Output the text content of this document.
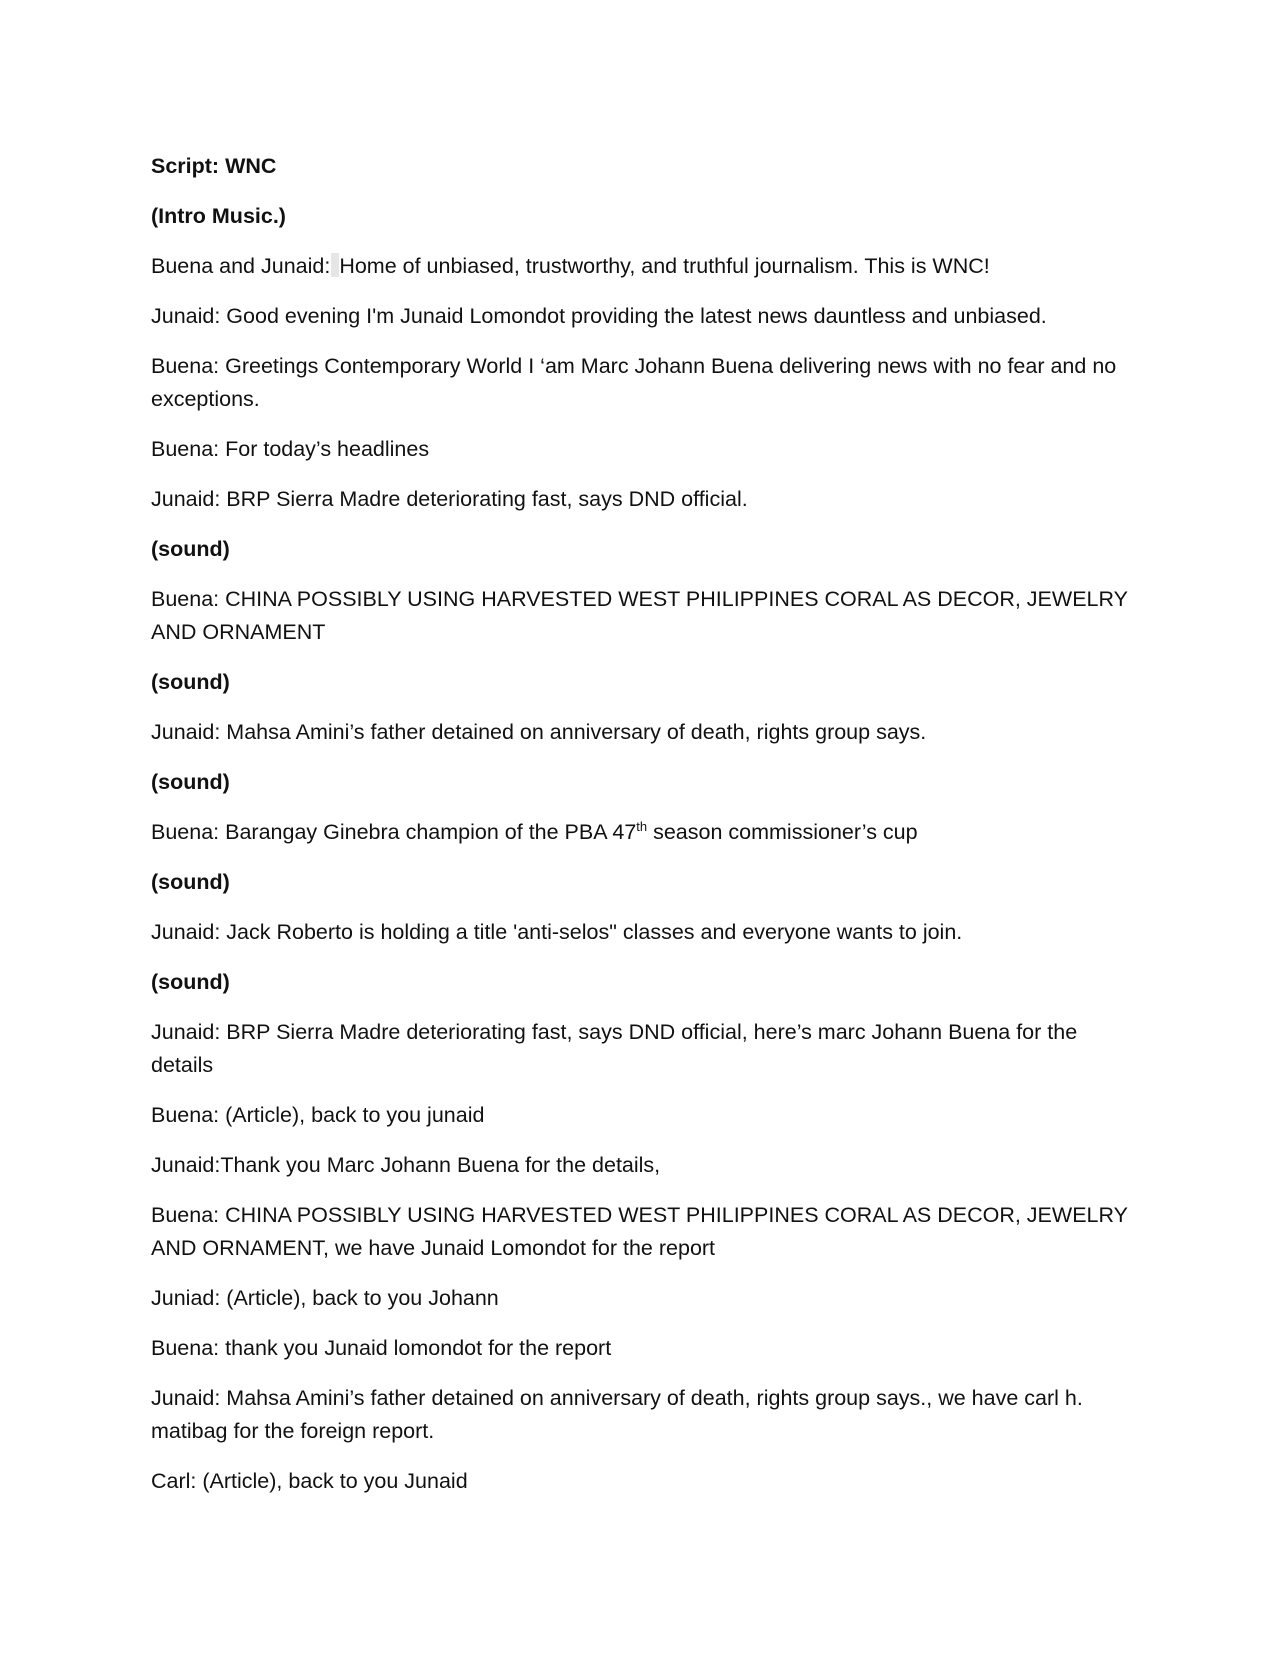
Script: WNC

(Intro Music.)

Buena and Junaid: Home of unbiased, trustworthy, and truthful journalism. This is WNC!

Junaid: Good evening I'm Junaid Lomondot providing the latest news dauntless and unbiased.

Buena: Greetings Contemporary World I ‘am Marc Johann Buena delivering news with no fear and no exceptions.

Buena: For today’s headlines

Junaid: BRP Sierra Madre deteriorating fast, says DND official.

(sound)

Buena: CHINA POSSIBLY USING HARVESTED WEST PHILIPPINES CORAL AS DECOR, JEWELRY AND ORNAMENT

(sound)

Junaid: Mahsa Amini’s father detained on anniversary of death, rights group says.

(sound)

Buena: Barangay Ginebra champion of the PBA 47th season commissioner’s cup

(sound)

Junaid: Jack Roberto is holding a title 'anti-selos" classes and everyone wants to join.

(sound)

Junaid: BRP Sierra Madre deteriorating fast, says DND official, here’s marc Johann Buena for the details

Buena: (Article), back to you junaid

Junaid:Thank you Marc Johann Buena for the details,

Buena: CHINA POSSIBLY USING HARVESTED WEST PHILIPPINES CORAL AS DECOR, JEWELRY AND ORNAMENT, we have Junaid Lomondot for the report

Juniad: (Article), back to you Johann

Buena: thank you Junaid lomondot for the report

Junaid: Mahsa Amini’s father detained on anniversary of death, rights group says., we have carl h. matibag for the foreign report.

Carl: (Article), back to you Junaid
